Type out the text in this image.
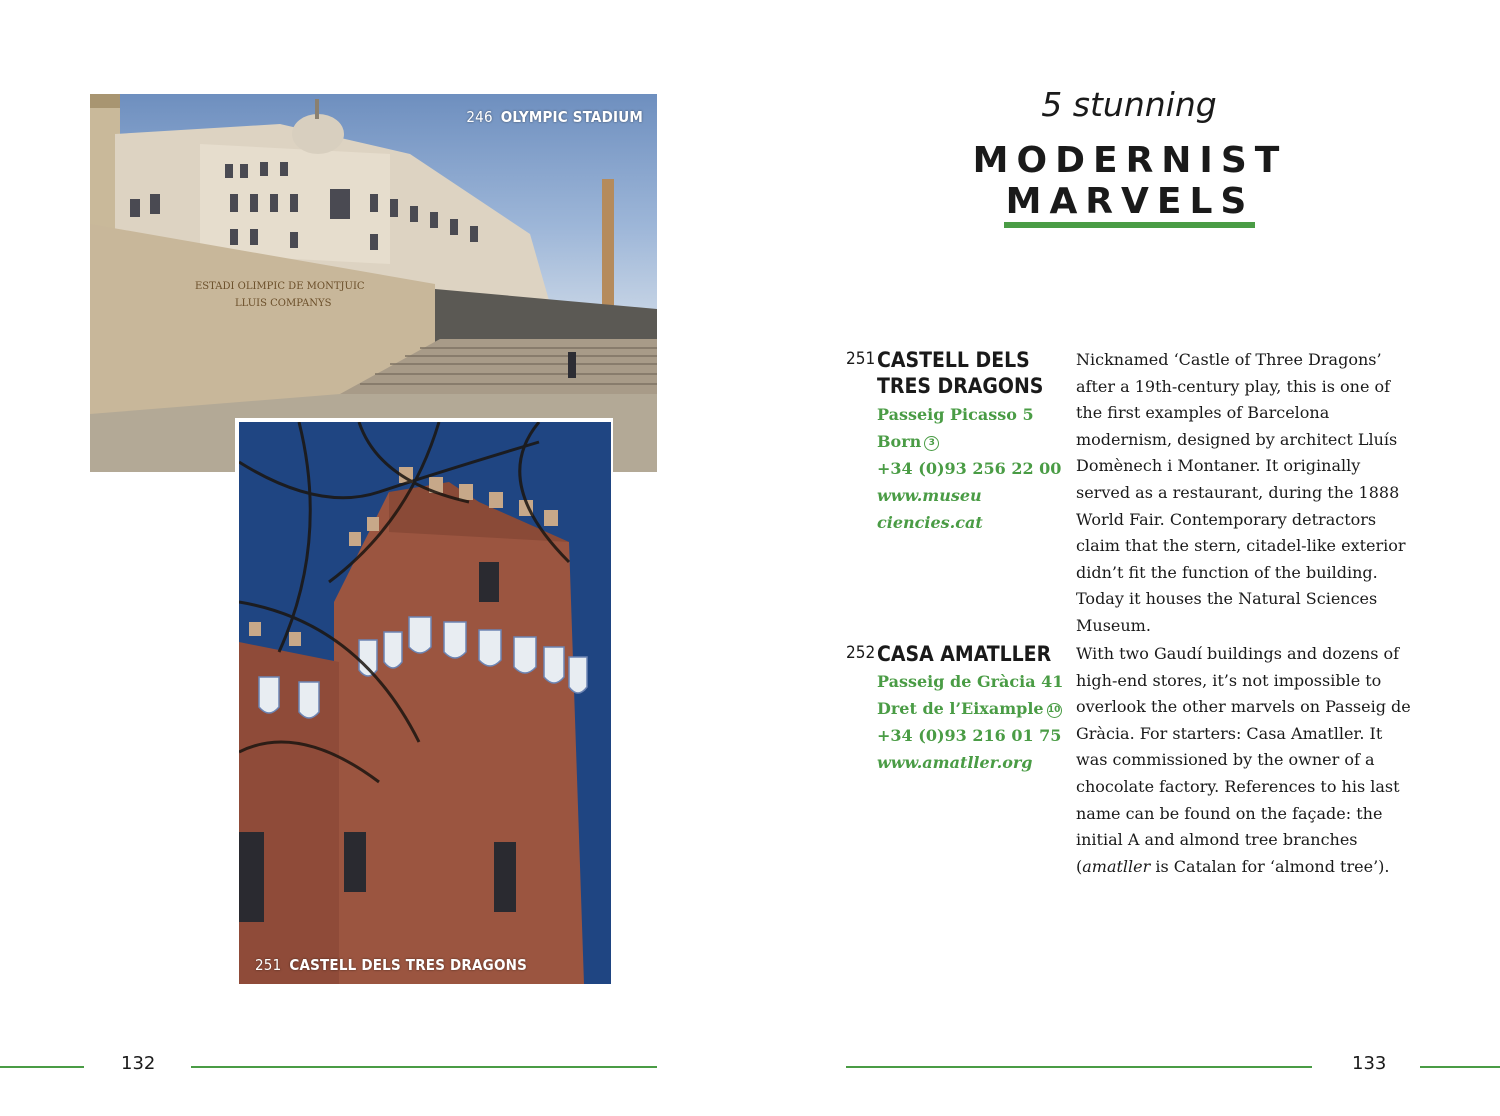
ESTADI OLIMPIC DE MONTJUIC
LLUIS COMPANYS
246 OLYMPIC STADIUM
251 CASTELL DELS TRES DRAGONS
5 stunning
MODERNIST MARVELS
251 CASTELL DELS TRES DRAGONS
Passeig Picasso 5
Born 3
+34 (0)93 256 22 00
www.museu
ciencies.cat
Nicknamed ‘Castle of Three Dragons’ after a 19th-century play, this is one of the first examples of Barcelona modernism, designed by architect Lluís Domènech i Montaner. It originally served as a restaurant, during the 1888 World Fair. Contemporary detractors claim that the stern, citadel-like exterior didn’t fit the function of the building. Today it houses the Natural Sciences Museum.
252 CASA AMATLLER
Passeig de Gràcia 41
Dret de l’Eixample 10
+34 (0)93 216 01 75
www.amatller.org
With two Gaudí buildings and dozens of high-end stores, it’s not impossible to overlook the other marvels on Passeig de Gràcia. For starters: Casa Amatller. It was commissioned by the owner of a chocolate factory. References to his last name can be found on the façade: the initial A and almond tree branches (amatller is Catalan for ‘almond tree’).
132	133
